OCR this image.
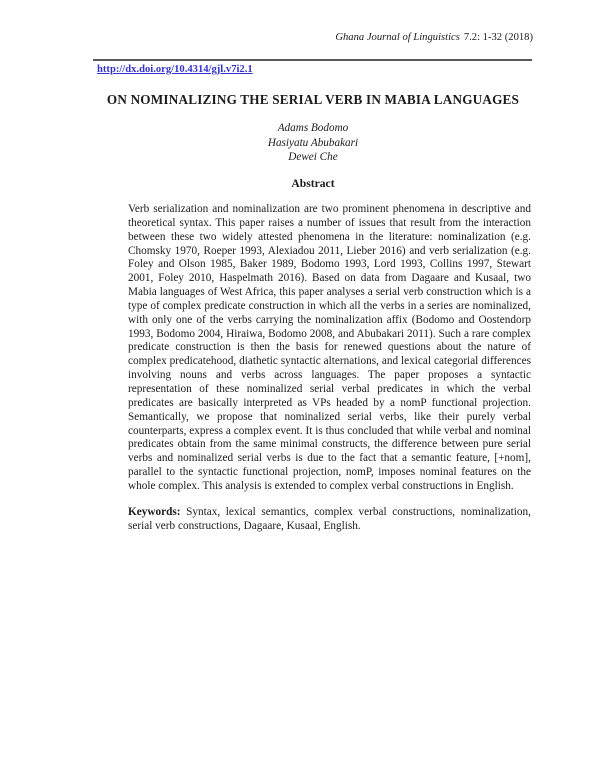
Ghana Journal of Linguistics 7.2: 1-32 (2018)
http://dx.doi.org/10.4314/gjl.v7i2.1
ON NOMINALIZING THE SERIAL VERB IN MABIA LANGUAGES
Adams Bodomo
Hasiyatu Abubakari
Dewei Che
Abstract

Verb serialization and nominalization are two prominent phenomena in descriptive and theoretical syntax. This paper raises a number of issues that result from the interaction between these two widely attested phenomena in the literature: nominalization (e.g. Chomsky 1970, Roeper 1993, Alexiadou 2011, Lieber 2016) and verb serialization (e.g. Foley and Olson 1985, Baker 1989, Bodomo 1993, Lord 1993, Collins 1997, Stewart 2001, Foley 2010, Haspelmath 2016). Based on data from Dagaare and Kusaal, two Mabia languages of West Africa, this paper analyses a serial verb construction which is a type of complex predicate construction in which all the verbs in a series are nominalized, with only one of the verbs carrying the nominalization affix (Bodomo and Oostendorp 1993, Bodomo 2004, Hiraiwa, Bodomo 2008, and Abubakari 2011). Such a rare complex predicate construction is then the basis for renewed questions about the nature of complex predicatehood, diathetic syntactic alternations, and lexical categorial differences involving nouns and verbs across languages. The paper proposes a syntactic representation of these nominalized serial verbal predicates in which the verbal predicates are basically interpreted as VPs headed by a nomP functional projection. Semantically, we propose that nominalized serial verbs, like their purely verbal counterparts, express a complex event. It is thus concluded that while verbal and nominal predicates obtain from the same minimal constructs, the difference between pure serial verbs and nominalized serial verbs is due to the fact that a semantic feature, [+nom], parallel to the syntactic functional projection, nomP, imposes nominal features on the whole complex. This analysis is extended to complex verbal constructions in English.

Keywords: Syntax, lexical semantics, complex verbal constructions, nominalization, serial verb constructions, Dagaare, Kusaal, English.
